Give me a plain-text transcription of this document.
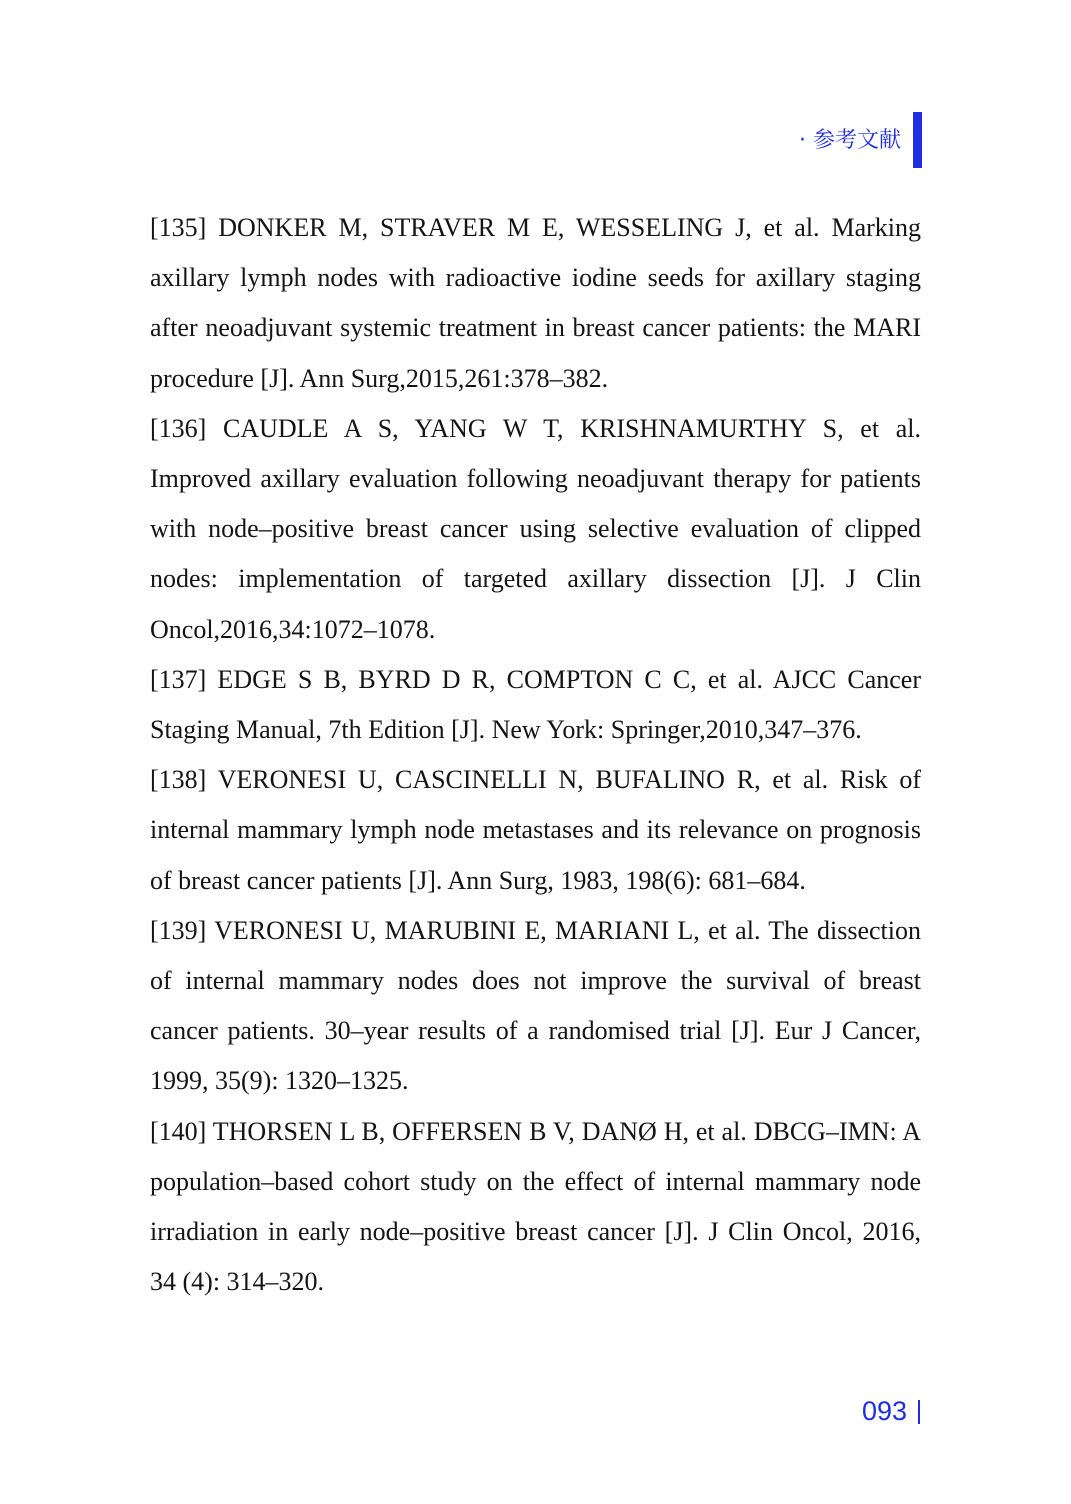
· 参考文献

[135] DONKER M, STRAVER M E, WESSELING J, et al. Marking axillary lymph nodes with radioactive iodine seeds for axillary staging after neoadjuvant systemic treatment in breast cancer patients: the MARI procedure [J]. Ann Surg,2015,261:378–382.

[136] CAUDLE A S, YANG W T, KRISHNAMURTHY S, et al. Improved axillary evaluation following neoadjuvant therapy for patients with node–positive breast cancer using selective evaluation of clipped nodes: implementation of targeted axillary dissection [J]. J Clin Oncol,2016,34:1072–1078.

[137] EDGE S B, BYRD D R, COMPTON C C, et al. AJCC Cancer Staging Manual, 7th Edition [J]. New York: Springer,2010,347–376.

[138] VERONESI U, CASCINELLI N, BUFALINO R, et al. Risk of internal mammary lymph node metastases and its relevance on prognosis of breast cancer patients [J]. Ann Surg, 1983, 198(6): 681–684.

[139] VERONESI U, MARUBINI E, MARIANI L, et al. The dissection of internal mammary nodes does not improve the survival of breast cancer patients. 30–year results of a randomised trial [J]. Eur J Cancer, 1999, 35(9): 1320–1325.

[140] THORSEN L B, OFFERSEN B V, DANØ H, et al. DBCG–IMN: A population–based cohort study on the effect of internal mammary node irradiation in early node–positive breast cancer [J]. J Clin Oncol, 2016, 34 (4): 314–320.

093
